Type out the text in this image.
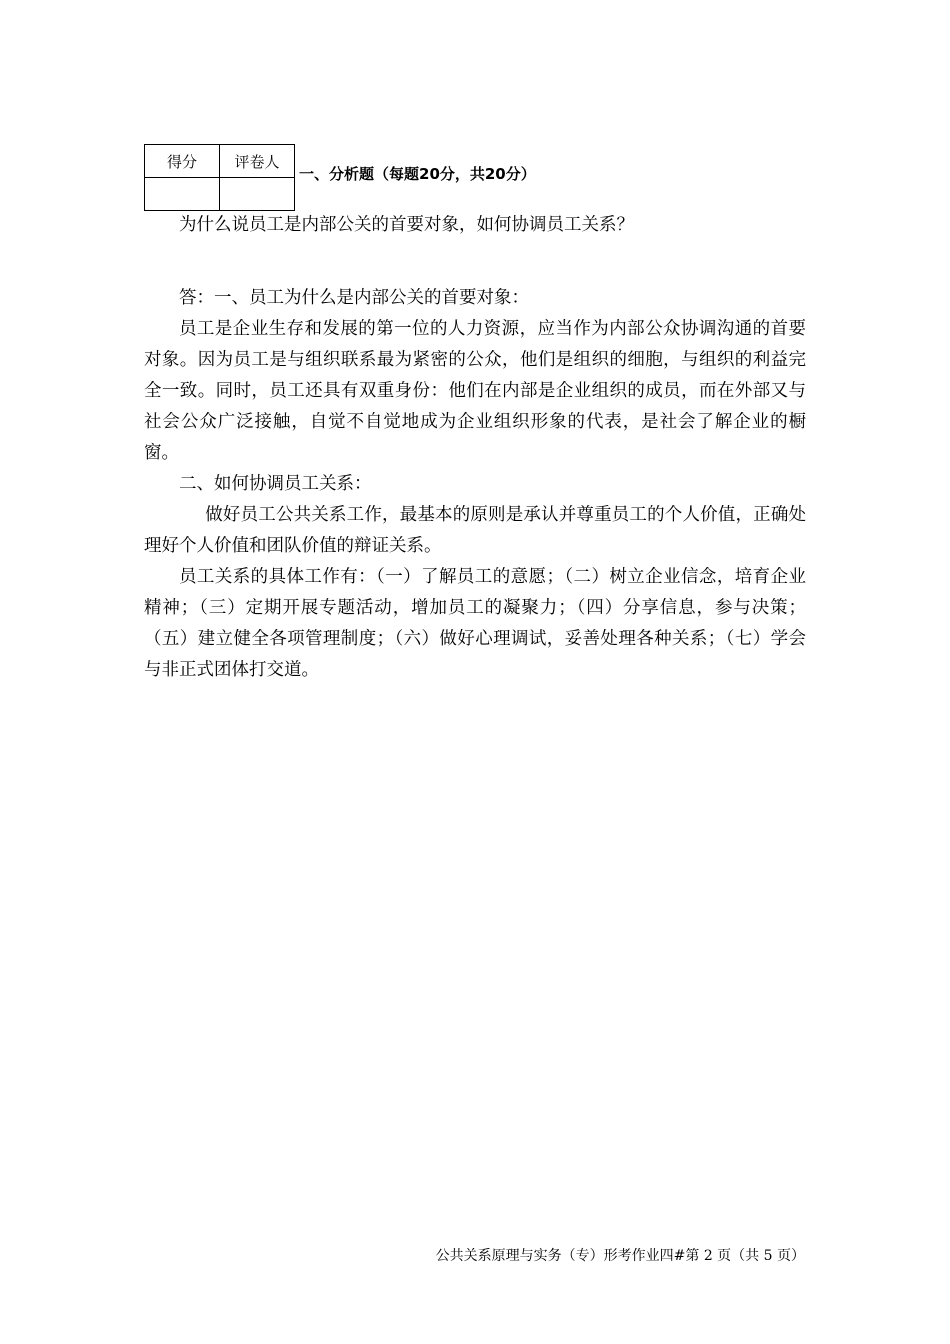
得分	评卷人

一、分析题（每题20分，共20分）

为什么说员工是内部公关的首要对象，如何协调员工关系？

答：一、员工为什么是内部公关的首要对象：

员工是企业生存和发展的第一位的人力资源，应当作为内部公众协调沟通的首要对象。因为员工是与组织联系最为紧密的公众，他们是组织的细胞，与组织的利益完全一致。同时，员工还具有双重身份：他们在内部是企业组织的成员，而在外部又与社会公众广泛接触，自觉不自觉地成为企业组织形象的代表，是社会了解企业的橱窗。

二、如何协调员工关系：

做好员工公共关系工作，最基本的原则是承认并尊重员工的个人价值，正确处理好个人价值和团队价值的辩证关系。

员工关系的具体工作有：（一）了解员工的意愿；（二）树立企业信念，培育企业精神；（三）定期开展专题活动，增加员工的凝聚力；（四）分享信息，参与决策；（五）建立健全各项管理制度；（六）做好心理调试，妥善处理各种关系；（七）学会与非正式团体打交道。

公共关系原理与实务（专）形考作业四#第 2 页（共 5 页）
